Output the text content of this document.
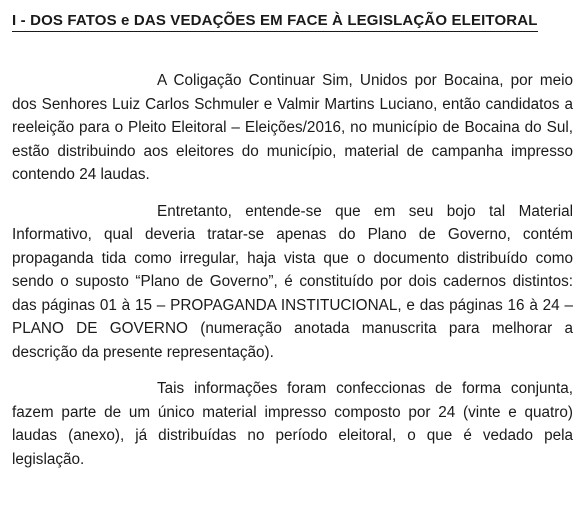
I - DOS FATOS e DAS VEDAÇÕES EM FACE À LEGISLAÇÃO ELEITORAL

A Coligação Continuar Sim, Unidos por Bocaina, por meio dos Senhores Luiz Carlos Schmuler e Valmir Martins Luciano, então candidatos a reeleição para o Pleito Eleitoral – Eleições/2016, no município de Bocaina do Sul, estão distribuindo aos eleitores do município, material de campanha impresso contendo 24 laudas.

Entretanto, entende-se que em seu bojo tal Material Informativo, qual deveria tratar-se apenas do Plano de Governo, contém propaganda tida como irregular, haja vista que o documento distribuído como sendo o suposto “Plano de Governo”, é constituído por dois cadernos distintos: das páginas 01 à 15 – PROPAGANDA INSTITUCIONAL, e das páginas 16 à 24 – PLANO DE GOVERNO (numeração anotada manuscrita para melhorar a descrição da presente representação).

Tais informações foram confeccionas de forma conjunta, fazem parte de um único material impresso composto por 24 (vinte e quatro) laudas (anexo), já distribuídas no período eleitoral, o que é vedado pela legislação.
